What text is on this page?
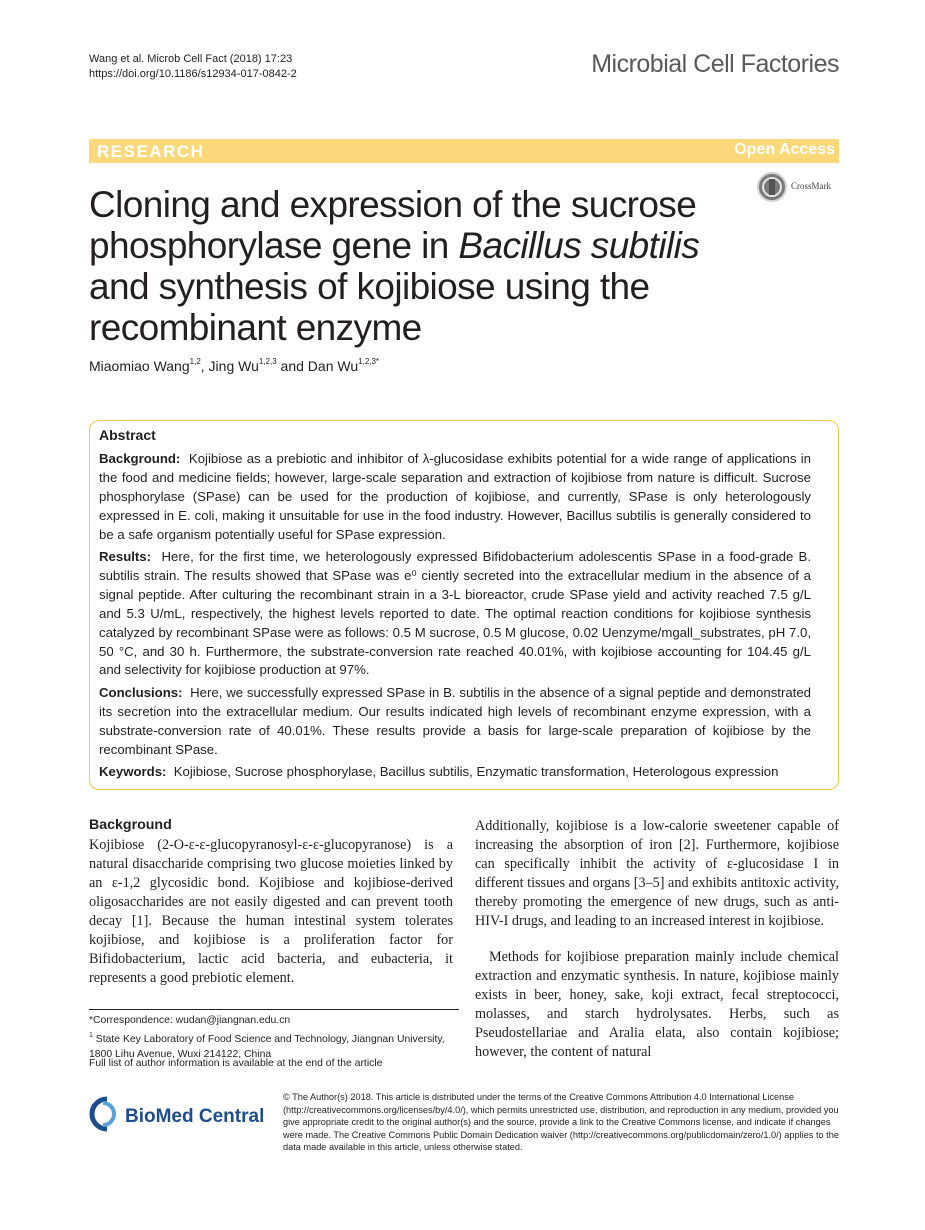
Wang et al. Microb Cell Fact (2018) 17:23
https://doi.org/10.1186/s12934-017-0842-2	Microbial Cell Factories
RESEARCH	Open Access
CrossMark
Cloning and expression of the sucrose phosphorylase gene in Bacillus subtilis and synthesis of kojibiose using the recombinant enzyme
Miaomiao Wang$^{1,2}$, Jing Wu$^{1,2,3}$ and Dan $Wu^{1,2,3*}$
Abstract
Background: Kojibiose as a prebiotic and inhibitor of λ-glucosidase exhibits potential for a wide range of applications in the food and medicine fields; however, large-scale separation and extraction of kojibiose from nature is difficult. Sucrose phosphorylase (SPase) can be used for the production of kojibiose, and currently, SPase is only heterologously expressed in E. coli, making it unsuitable for use in the food industry. However, Bacillus subtilis is generally considered to be a safe organism potentially useful for SPase expression.
Results: Here, for the first time, we heterologously expressed Bifidobacterium adolescentis SPase in a food-grade B. subtilis strain. The results showed that SPase was e⁰ ciently secreted into the extracellular medium in the absence of a signal peptide. After culturing the recombinant strain in a 3-L bioreactor, crude SPase yield and activity reached 7.5 g/L and 5.3 U/mL, respectively, the highest levels reported to date. The optimal reaction conditions for kojibiose synthesis catalyzed by recombinant SPase were as follows: 0.5 M sucrose, 0.5 M glucose, 0.02 Uenzyme/mgall_substrates, pH 7.0, 50 °C, and 30 h. Furthermore, the substrate-conversion rate reached 40.01%, with kojibiose accounting for 104.45 g/L and selectivity for kojibiose production at 97%.
Conclusions: Here, we successfully expressed SPase in B. subtilis in the absence of a signal peptide and demonstrated its secretion into the extracellular medium. Our results indicated high levels of recombinant enzyme expression, with a substrate-conversion rate of 40.01%. These results provide a basis for large-scale preparation of kojibiose by the recombinant SPase.
Keywords: Kojibiose, Sucrose phosphorylase, Bacillus subtilis, Enzymatic transformation, Heterologous expression
Background
Kojibiose (2-O-ε-ε-glucopyranosyl-ε-ε-glucopyranose) is a natural disaccharide comprising two glucose moieties linked by an ε-1,2 glycosidic bond. Kojibiose and kojibiose-derived oligosaccharides are not easily digested and can prevent tooth decay [1]. Because the human intestinal system tolerates kojibiose, and kojibiose is a proliferation factor for Bifidobacterium, lactic acid bacteria, and eubacteria, it represents a good prebiotic element.
Additionally, kojibiose is a low-calorie sweetener capable of increasing the absorption of iron [2]. Furthermore, kojibiose can specifically inhibit the activity of ε-glucosidase I in different tissues and organs [3–5] and exhibits antitoxic activity, thereby promoting the emergence of new drugs, such as anti-HIV-I drugs, and leading to an increased interest in kojibiose.
Methods for kojibiose preparation mainly include chemical extraction and enzymatic synthesis. In nature, kojibiose mainly exists in beer, honey, sake, koji extract, fecal streptococci, molasses, and starch hydrolysates. Herbs, such as Pseudostellariae and Aralia elata, also contain kojibiose; however, the content of natural
*Correspondence: wudan@jiangnan.edu.cn
$^1$ State Key Laboratory of Food Science and Technology, Jiangnan University, 1800 Lihu Avenue, Wuxi 214122, China
Full list of author information is available at the end of the article
BioMed Central
© The Author(s) 2018. This article is distributed under the terms of the Creative Commons Attribution 4.0 International License (http://creativecommons.org/licenses/by/4.0/), which permits unrestricted use, distribution, and reproduction in any medium, provided you give appropriate credit to the original author(s) and the source, provide a link to the Creative Commons license, and indicate if changes were made. The Creative Commons Public Domain Dedication waiver (http://creativecommons.org/publicdomain/zero/1.0/) applies to the data made available in this article, unless otherwise stated.
